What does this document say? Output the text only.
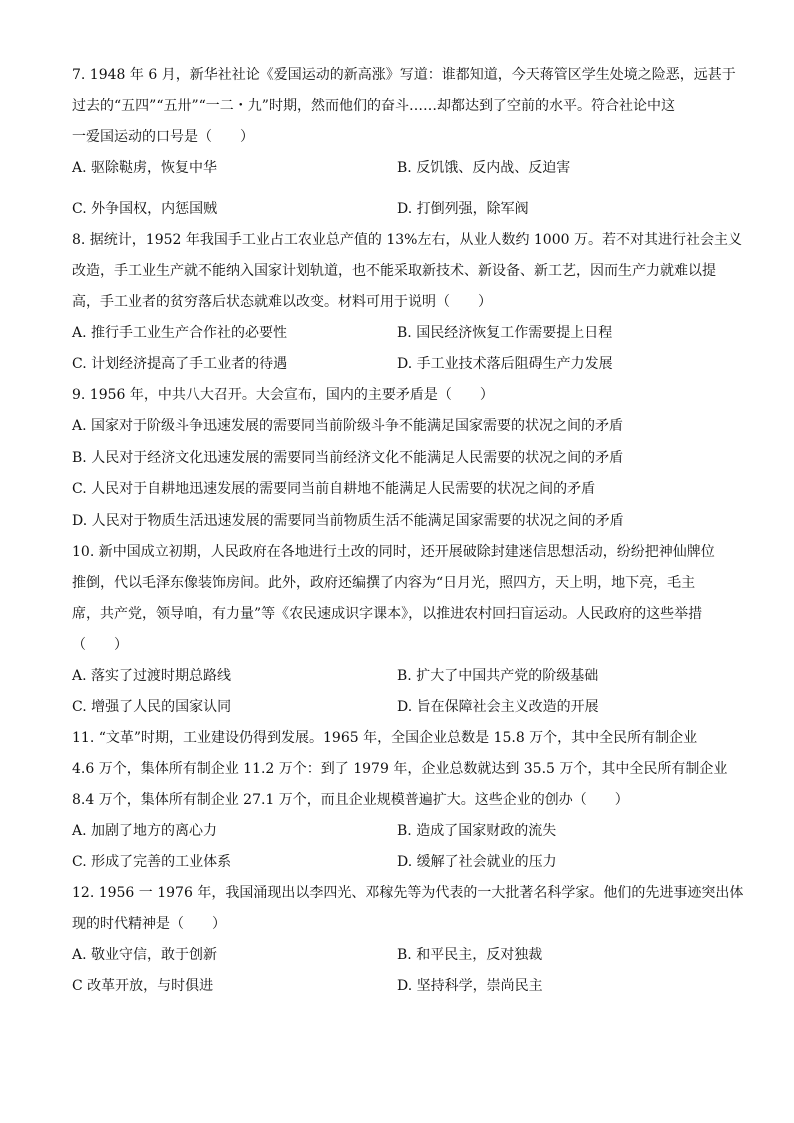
7. 1948 年 6 月，新华社社论《爱国运动的新高涨》写道：谁都知道，今天蒋管区学生处境之险恶，远甚于
过去的“五四”“五卅”“一二・九”时期，然而他们的奋斗……却都达到了空前的水平。符合社论中这
一爱国运动的口号是（　　）
A. 驱除鞑虏，恢复中华	B. 反饥饿、反内战、反迫害
C. 外争国权，内惩国贼	D. 打倒列强，除军阀
8. 据统计，1952 年我国手工业占工农业总产值的 13%左右，从业人数约 1000 万。若不对其进行社会主义
改造，手工业生产就不能纳入国家计划轨道，也不能采取新技术、新设备、新工艺，因而生产力就难以提
高，手工业者的贫穷落后状态就难以改变。材料可用于说明（　　）
A. 推行手工业生产合作社的必要性	B. 国民经济恢复工作需要提上日程
C. 计划经济提高了手工业者的待遇	D. 手工业技术落后阻碍生产力发展
9. 1956 年，中共八大召开。大会宣布，国内的主要矛盾是（　　）
A. 国家对于阶级斗争迅速发展的需要同当前阶级斗争不能满足国家需要的状况之间的矛盾
B. 人民对于经济文化迅速发展的需要同当前经济文化不能满足人民需要的状况之间的矛盾
C. 人民对于自耕地迅速发展的需要同当前自耕地不能满足人民需要的状况之间的矛盾
D. 人民对于物质生活迅速发展的需要同当前物质生活不能满足国家需要的状况之间的矛盾
10. 新中国成立初期，人民政府在各地进行土改的同时，还开展破除封建迷信思想活动，纷纷把神仙牌位
推倒，代以毛泽东像装饰房间。此外，政府还编撰了内容为“日月光，照四方，天上明，地下亮，毛主
席，共产党，领导咱，有力量”等《农民速成识字课本》，以推进农村回扫盲运动。人民政府的这些举措
（　　）
A. 落实了过渡时期总路线	B. 扩大了中国共产党的阶级基础
C. 增强了人民的国家认同	D. 旨在保障社会主义改造的开展
11. “文革”时期，工业建设仍得到发展。1965 年，全国企业总数是 15.8 万个，其中全民所有制企业
4.6 万个，集体所有制企业 11.2 万个：到了 1979 年，企业总数就达到 35.5 万个，其中全民所有制企业
8.4 万个，集体所有制企业 27.1 万个，而且企业规模普遍扩大。这些企业的创办（　　）
A. 加剧了地方的离心力	B. 造成了国家财政的流失
C. 形成了完善的工业体系	D. 缓解了社会就业的压力
12. 1956 一 1976 年，我国涌现出以李四光、邓稼先等为代表的一大批著名科学家。他们的先进事迹突出体
现的时代精神是（　　）
A. 敬业守信，敢于创新	B. 和平民主，反对独裁
C 改革开放，与时俱进	D. 坚持科学，崇尚民主
